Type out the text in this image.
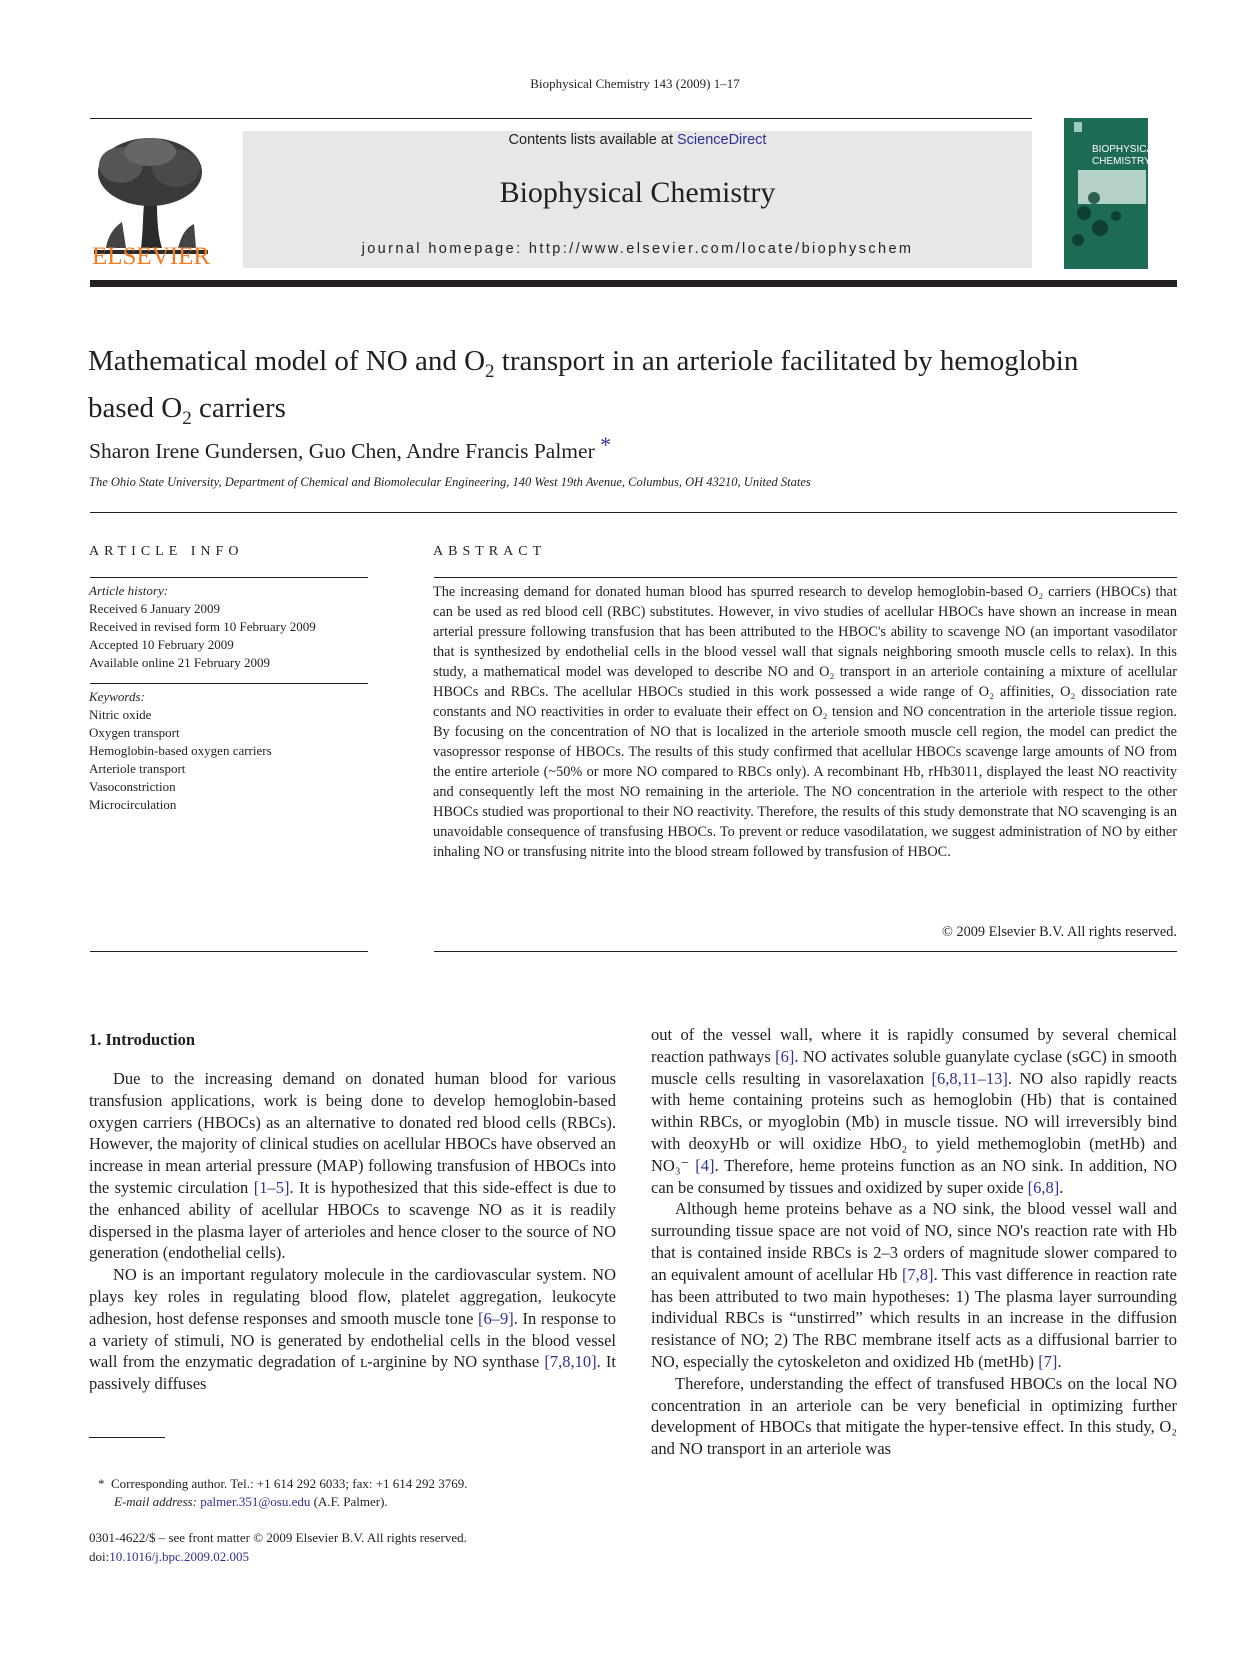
Biophysical Chemistry 143 (2009) 1–17
ELSEVIER
Contents lists available at ScienceDirect
Biophysical Chemistry
journal homepage: http://www.elsevier.com/locate/biophyschem
BIOPHYSICAL CHEMISTRY
Mathematical model of NO and $O_2$ transport in an arteriole facilitated by hemoglobin
based $O_2$ carriers
Sharon Irene Gundersen, Guo Chen, Andre Francis Palmer *
The Ohio State University, Department of Chemical and Biomolecular Engineering, 140 West 19th Avenue, Columbus, OH 43210, United States
ARTICLE INFO
Article history:
Received 6 January 2009
Received in revised form 10 February 2009
Accepted 10 February 2009
Available online 21 February 2009
Keywords:
Nitric oxide
Oxygen transport
Hemoglobin-based oxygen carriers
Arteriole transport
Vasoconstriction
Microcirculation
ABSTRACT
The increasing demand for donated human blood has spurred research to develop hemoglobin-based O₂ carriers (HBOCs) that can be used as red blood cell (RBC) substitutes. However, in vivo studies of acellular HBOCs have shown an increase in mean arterial pressure following transfusion that has been attributed to the HBOC's ability to scavenge NO (an important vasodilator that is synthesized by endothelial cells in the blood vessel wall that signals neighboring smooth muscle cells to relax). In this study, a mathematical model was developed to describe NO and O₂ transport in an arteriole containing a mixture of acellular HBOCs and RBCs. The acellular HBOCs studied in this work possessed a wide range of O₂ affinities, O₂ dissociation rate constants and NO reactivities in order to evaluate their effect on O₂ tension and NO concentration in the arteriole tissue region. By focusing on the concentration of NO that is localized in the arteriole smooth muscle cell region, the model can predict the vasopressor response of HBOCs. The results of this study confirmed that acellular HBOCs scavenge large amounts of NO from the entire arteriole (~50% or more NO compared to RBCs only). A recombinant Hb, rHb3011, displayed the least NO reactivity and consequently left the most NO remaining in the arteriole. The NO concentration in the arteriole with respect to the other HBOCs studied was proportional to their NO reactivity. Therefore, the results of this study demonstrate that NO scavenging is an unavoidable consequence of transfusing HBOCs. To prevent or reduce vasodilatation, we suggest administration of NO by either inhaling NO or transfusing nitrite into the blood stream followed by transfusion of HBOC.
© 2009 Elsevier B.V. All rights reserved.
1. Introduction

Due to the increasing demand on donated human blood for various transfusion applications, work is being done to develop hemoglobin-based oxygen carriers (HBOCs) as an alternative to donated red blood cells (RBCs). However, the majority of clinical studies on acellular HBOCs have observed an increase in mean arterial pressure (MAP) following transfusion of HBOCs into the systemic circulation [1–5]. It is hypothesized that this side-effect is due to the enhanced ability of acellular HBOCs to scavenge NO as it is readily dispersed in the plasma layer of arterioles and hence closer to the source of NO generation (endothelial cells).

NO is an important regulatory molecule in the cardiovascular system. NO plays key roles in regulating blood flow, platelet aggregation, leukocyte adhesion, host defense responses and smooth muscle tone [6–9]. In response to a variety of stimuli, NO is generated by endothelial cells in the blood vessel wall from the enzymatic degradation of ʟ-arginine by NO synthase [7,8,10]. It passively diffuses

out of the vessel wall, where it is rapidly consumed by several chemical reaction pathways [6]. NO activates soluble guanylate cyclase (sGC) in smooth muscle cells resulting in vasorelaxation [6,8,11–13]. NO also rapidly reacts with heme containing proteins such as hemoglobin (Hb) that is contained within RBCs, or myoglobin (Mb) in muscle tissue. NO will irreversibly bind with deoxyHb or will oxidize HbO₂ to yield methemoglobin (metHb) and NO₃⁻ [4]. Therefore, heme proteins function as an NO sink. In addition, NO can be consumed by tissues and oxidized by super oxide [6,8].

Although heme proteins behave as a NO sink, the blood vessel wall and surrounding tissue space are not void of NO, since NO's reaction rate with Hb that is contained inside RBCs is 2–3 orders of magnitude slower compared to an equivalent amount of acellular Hb [7,8]. This vast difference in reaction rate has been attributed to two main hypotheses: 1) The plasma layer surrounding individual RBCs is “unstirred” which results in an increase in the diffusion resistance of NO; 2) The RBC membrane itself acts as a diffusional barrier to NO, especially the cytoskeleton and oxidized Hb (metHb) [7].

Therefore, understanding the effect of transfused HBOCs on the local NO concentration in an arteriole can be very beneficial in optimizing further development of HBOCs that mitigate the hyper-tensive effect. In this study, O₂ and NO transport in an arteriole was

* Corresponding author. Tel.: +1 614 292 6033; fax: +1 614 292 3769.
E-mail address: palmer.351@osu.edu (A.F. Palmer).
0301-4622/$ – see front matter © 2009 Elsevier B.V. All rights reserved.
doi:10.1016/j.bpc.2009.02.005
